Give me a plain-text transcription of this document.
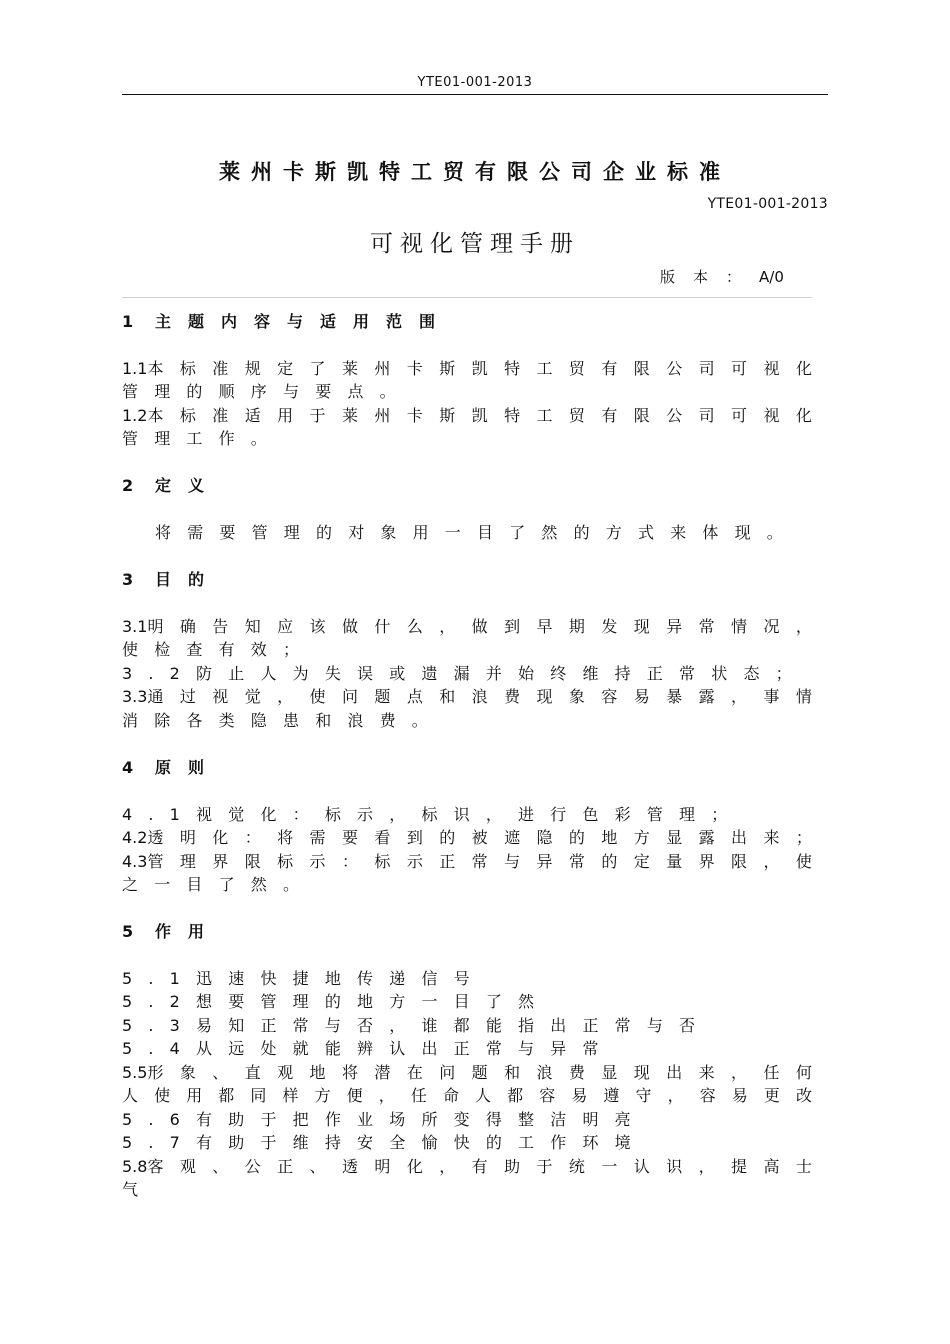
YTE01-001-2013
莱州卡斯凯特工贸有限公司企业标准
YTE01-001-2013
可视化管理手册
版本： A/0
1 主题内容与适用范围
1.1本 标 准 规 定 了 莱 州 卡 斯 凯 特 工 贸 有 限 公 司 可 视 化
管理的顺序与要点。
1.2本 标 准 适 用 于 莱 州 卡 斯 凯 特 工 贸 有 限 公 司 可 视 化
管理工作。
2 定义
将需要管理的对象用一目了然的方式来体现。
3 目的
3.1明 确 告 知 应 该 做 什 么 ， 做 到 早 期 发 现 异 常 情 况 ，
使检查有效；
3.2防止人为失误或遗漏并始终维持正常状态；
3.3通 过 视 觉 ， 使 问 题 点 和 浪 费 现 象 容 易 暴 露 ， 事 情
消除各类隐患和浪费。
4 原则
4.1视觉化：标示，标识，进行色彩管理；
4.2透 明 化 ： 将 需 要 看 到 的 被 遮 隐 的 地 方 显 露 出 来 ；
4.3管 理 界 限 标 示 ： 标 示 正 常 与 异 常 的 定 量 界 限 ， 使
之一目了然。
5 作用
5.1迅速快捷地传递信号
5.2想要管理的地方一目了然
5.3易知正常与否，谁都能指出正常与否
5.4从远处就能辨认出正常与异常
5.5形 象 、 直 观 地 将 潜 在 问 题 和 浪 费 显 现 出 来 ， 任 何
人 使 用 都 同 样 方 便 ， 任 命 人 都 容 易 遵 守 ， 容 易 更 改
5.6有助于把作业场所变得整洁明亮
5.7有助于维持安全愉快的工作环境
5.8客 观 、 公 正 、 透 明 化 ， 有 助 于 统 一 认 识 ， 提 高 士
气
